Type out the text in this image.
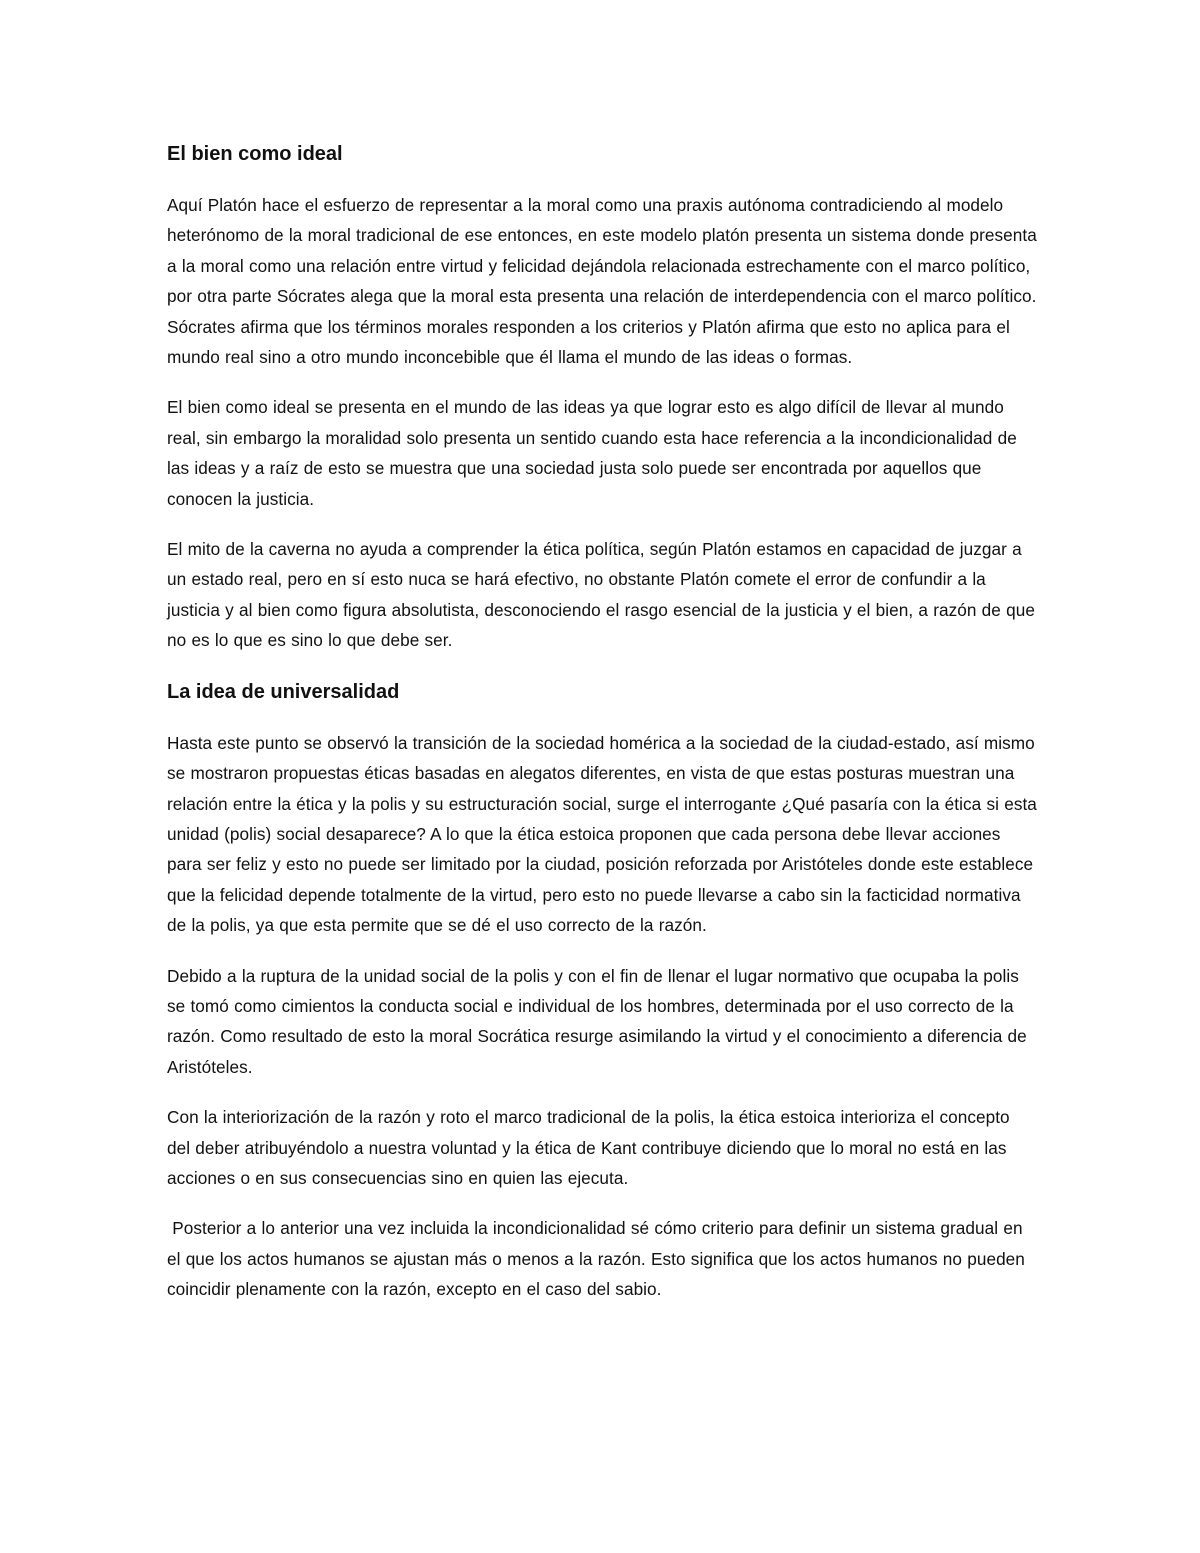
El bien como ideal

Aquí Platón hace el esfuerzo de representar a la moral como una praxis autónoma contradiciendo al modelo heterónomo de la moral tradicional de ese entonces, en este modelo platón presenta un sistema donde presenta a la moral como una relación entre virtud y felicidad dejándola relacionada estrechamente con el marco político, por otra parte Sócrates alega que la moral esta presenta una relación de interdependencia con el marco político. Sócrates afirma que los términos morales responden a los criterios y Platón afirma que esto no aplica para el mundo real sino a otro mundo inconcebible que él llama el mundo de las ideas o formas.

El bien como ideal se presenta en el mundo de las ideas ya que lograr esto es algo difícil de llevar al mundo real, sin embargo la moralidad solo presenta un sentido cuando esta hace referencia a la incondicionalidad de las ideas y a raíz de esto se muestra que una sociedad justa solo puede ser encontrada por aquellos que conocen la justicia.

El mito de la caverna no ayuda a comprender la ética política, según Platón estamos en capacidad de juzgar a un estado real, pero en sí esto nuca se hará efectivo, no obstante Platón comete el error de confundir a la justicia y al bien como figura absolutista, desconociendo el rasgo esencial de la justicia y el bien, a razón de que no es lo que es sino lo que debe ser.

La idea de universalidad

Hasta este punto se observó la transición de la sociedad homérica a la sociedad de la ciudad-estado, así mismo se mostraron propuestas éticas basadas en alegatos diferentes, en vista de que estas posturas muestran una relación entre la ética y la polis y su estructuración social, surge el interrogante ¿Qué pasaría con la ética si esta unidad (polis) social desaparece? A lo que la ética estoica proponen que cada persona debe llevar acciones para ser feliz y esto no puede ser limitado por la ciudad, posición reforzada por Aristóteles donde este establece que la felicidad depende totalmente de la virtud, pero esto no puede llevarse a cabo sin la facticidad normativa de la polis, ya que esta permite que se dé el uso correcto de la razón.

Debido a la ruptura de la unidad social de la polis y con el fin de llenar el lugar normativo que ocupaba la polis se tomó como cimientos la conducta social e individual de los hombres, determinada por el uso correcto de la razón. Como resultado de esto la moral Socrática resurge asimilando la virtud y el conocimiento a diferencia de Aristóteles.

Con la interiorización de la razón y roto el marco tradicional de la polis, la ética estoica interioriza el concepto del deber atribuyéndolo a nuestra voluntad y la ética de Kant contribuye diciendo que lo moral no está en las acciones o en sus consecuencias sino en quien las ejecuta.

Posterior a lo anterior una vez incluida la incondicionalidad sé cómo criterio para definir un sistema gradual en el que los actos humanos se ajustan más o menos a la razón. Esto significa que los actos humanos no pueden coincidir plenamente con la razón, excepto en el caso del sabio.
